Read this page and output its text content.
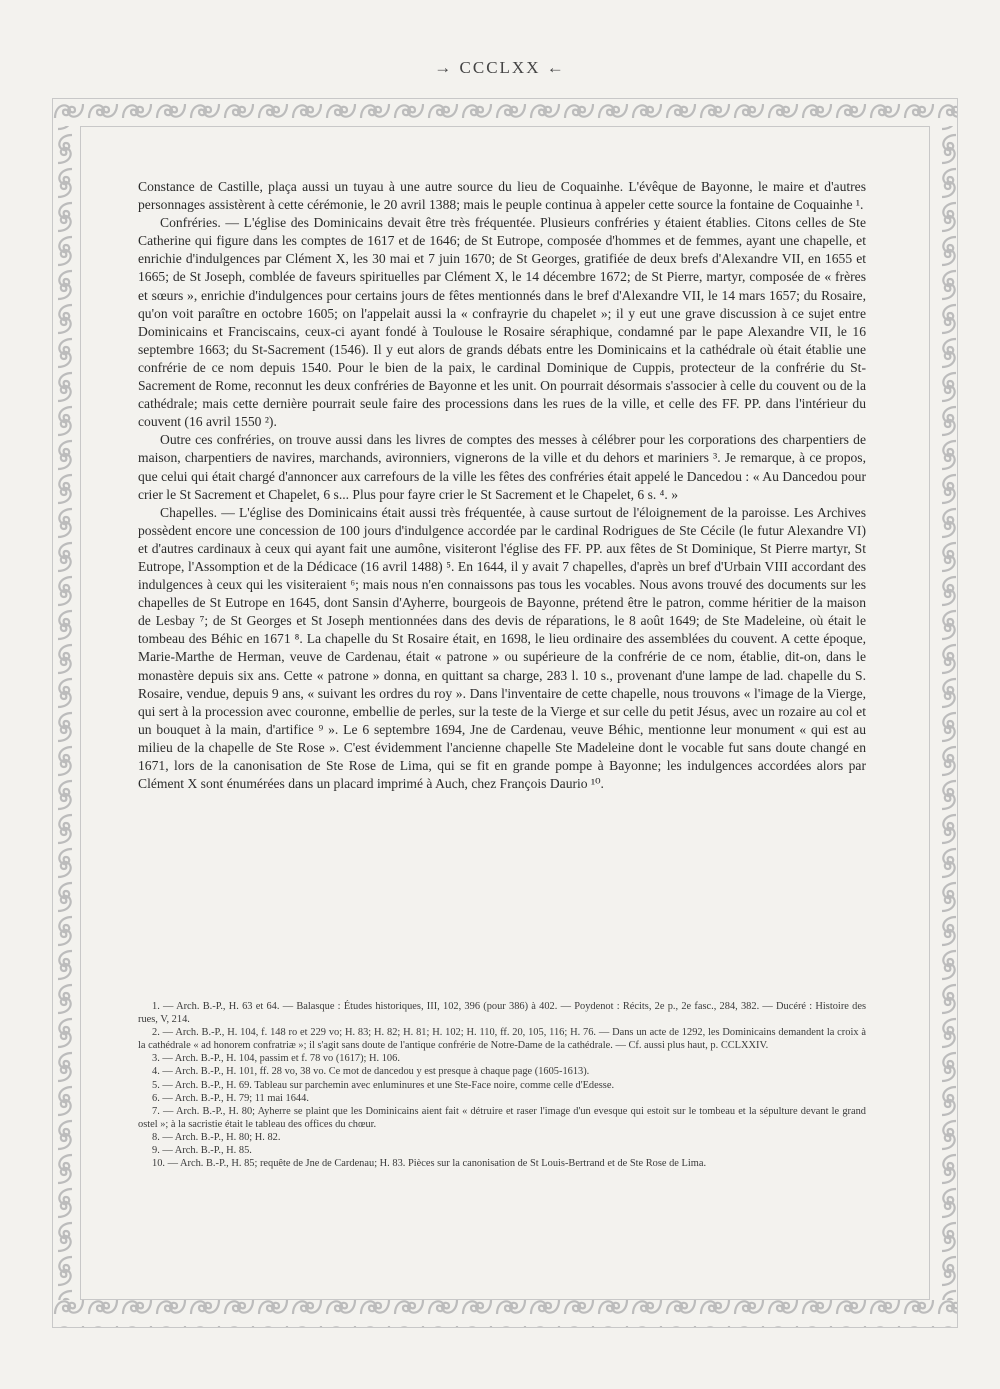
→ CCCLXX ←

Constance de Castille, plaça aussi un tuyau à une autre source du lieu de Coquainhe. L'évêque de Bayonne, le maire et d'autres personnages assistèrent à cette cérémonie, le 20 avril 1388; mais le peuple continua à appeler cette source la fontaine de Coquainhe ¹.

Confréries. — L'église des Dominicains devait être très fréquentée. Plusieurs confréries y étaient établies. Citons celles de Ste Catherine qui figure dans les comptes de 1617 et de 1646; de St Eutrope, composée d'hommes et de femmes, ayant une chapelle, et enrichie d'indulgences par Clément X, les 30 mai et 7 juin 1670; de St Georges, gratifiée de deux brefs d'Alexandre VII, en 1655 et 1665; de St Joseph, comblée de faveurs spirituelles par Clément X, le 14 décembre 1672; de St Pierre, martyr, composée de « frères et sœurs », enrichie d'indulgences pour certains jours de fêtes mentionnés dans le bref d'Alexandre VII, le 14 mars 1657; du Rosaire, qu'on voit paraître en octobre 1605; on l'appelait aussi la « confrayrie du chapelet »; il y eut une grave discussion à ce sujet entre Dominicains et Franciscains, ceux-ci ayant fondé à Toulouse le Rosaire séraphique, condamné par le pape Alexandre VII, le 16 septembre 1663; du St-Sacrement (1546). Il y eut alors de grands débats entre les Dominicains et la cathédrale où était établie une confrérie de ce nom depuis 1540. Pour le bien de la paix, le cardinal Dominique de Cuppis, protecteur de la confrérie du St-Sacrement de Rome, reconnut les deux confréries de Bayonne et les unit. On pourrait désormais s'associer à celle du couvent ou de la cathédrale; mais cette dernière pourrait seule faire des processions dans les rues de la ville, et celle des FF. PP. dans l'intérieur du couvent (16 avril 1550 ²).

Outre ces confréries, on trouve aussi dans les livres de comptes des messes à célébrer pour les corporations des charpentiers de maison, charpentiers de navires, marchands, avironniers, vignerons de la ville et du dehors et mariniers ³. Je remarque, à ce propos, que celui qui était chargé d'annoncer aux carrefours de la ville les fêtes des confréries était appelé le Dancedou : « Au Dancedou pour crier le St Sacrement et Chapelet, 6 s... Plus pour fayre crier le St Sacrement et le Chapelet, 6 s. ⁴. »

Chapelles. — L'église des Dominicains était aussi très fréquentée, à cause surtout de l'éloignement de la paroisse. Les Archives possèdent encore une concession de 100 jours d'indulgence accordée par le cardinal Rodrigues de Ste Cécile (le futur Alexandre VI) et d'autres cardinaux à ceux qui ayant fait une aumône, visiteront l'église des FF. PP. aux fêtes de St Dominique, St Pierre martyr, St Eutrope, l'Assomption et de la Dédicace (16 avril 1488) ⁵. En 1644, il y avait 7 chapelles, d'après un bref d'Urbain VIII accordant des indulgences à ceux qui les visiteraient ⁶; mais nous n'en connaissons pas tous les vocables. Nous avons trouvé des documents sur les chapelles de St Eutrope en 1645, dont Sansin d'Ayherre, bourgeois de Bayonne, prétend être le patron, comme héritier de la maison de Lesbay ⁷; de St Georges et St Joseph mentionnées dans des devis de réparations, le 8 août 1649; de Ste Madeleine, où était le tombeau des Béhic en 1671 ⁸. La chapelle du St Rosaire était, en 1698, le lieu ordinaire des assemblées du couvent. A cette époque, Marie-Marthe de Herman, veuve de Cardenau, était « patrone » ou supérieure de la confrérie de ce nom, établie, dit-on, dans le monastère depuis six ans. Cette « patrone » donna, en quittant sa charge, 283 l. 10 s., provenant d'une lampe de lad. chapelle du S. Rosaire, vendue, depuis 9 ans, « suivant les ordres du roy ». Dans l'inventaire de cette chapelle, nous trouvons « l'image de la Vierge, qui sert à la procession avec couronne, embellie de perles, sur la teste de la Vierge et sur celle du petit Jésus, avec un rozaire au col et un bouquet à la main, d'artifice ⁹ ». Le 6 septembre 1694, Jne de Cardenau, veuve Béhic, mentionne leur monument « qui est au milieu de la chapelle de Ste Rose ». C'est évidemment l'ancienne chapelle Ste Madeleine dont le vocable fut sans doute changé en 1671, lors de la canonisation de Ste Rose de Lima, qui se fit en grande pompe à Bayonne; les indulgences accordées alors par Clément X sont énumérées dans un placard imprimé à Auch, chez François Daurio ¹⁰.

1. — Arch. B.-P., H. 63 et 64. — Balasque : Études historiques, III, 102, 396 (pour 386) à 402. — Poydenot : Récits, 2e p., 2e fasc., 284, 382. — Ducéré : Histoire des rues, V, 214.

2. — Arch. B.-P., H. 104, f. 148 ro et 229 vo; H. 83; H. 82; H. 81; H. 102; H. 110, ff. 20, 105, 116; H. 76. — Dans un acte de 1292, les Dominicains demandent la croix à la cathédrale « ad honorem confratriæ »; il s'agit sans doute de l'antique confrérie de Notre-Dame de la cathédrale. — Cf. aussi plus haut, p. CCLXXIV.

3. — Arch. B.-P., H. 104, passim et f. 78 vo (1617); H. 106.

4. — Arch. B.-P., H. 101, ff. 28 vo, 38 vo. Ce mot de dancedou y est presque à chaque page (1605-1613).

5. — Arch. B.-P., H. 69. Tableau sur parchemin avec enluminures et une Ste-Face noire, comme celle d'Edesse.

6. — Arch. B.-P., H. 79; 11 mai 1644.

7. — Arch. B.-P., H. 80; Ayherre se plaint que les Dominicains aient fait « détruire et raser l'image d'un evesque qui estoit sur le tombeau et la sépulture devant le grand ostel »; à la sacristie était le tableau des offices du chœur.

8. — Arch. B.-P., H. 80; H. 82.

9. — Arch. B.-P., H. 85.

10. — Arch. B.-P., H. 85; requête de Jne de Cardenau; H. 83. Pièces sur la canonisation de St Louis-Bertrand et de Ste Rose de Lima.
